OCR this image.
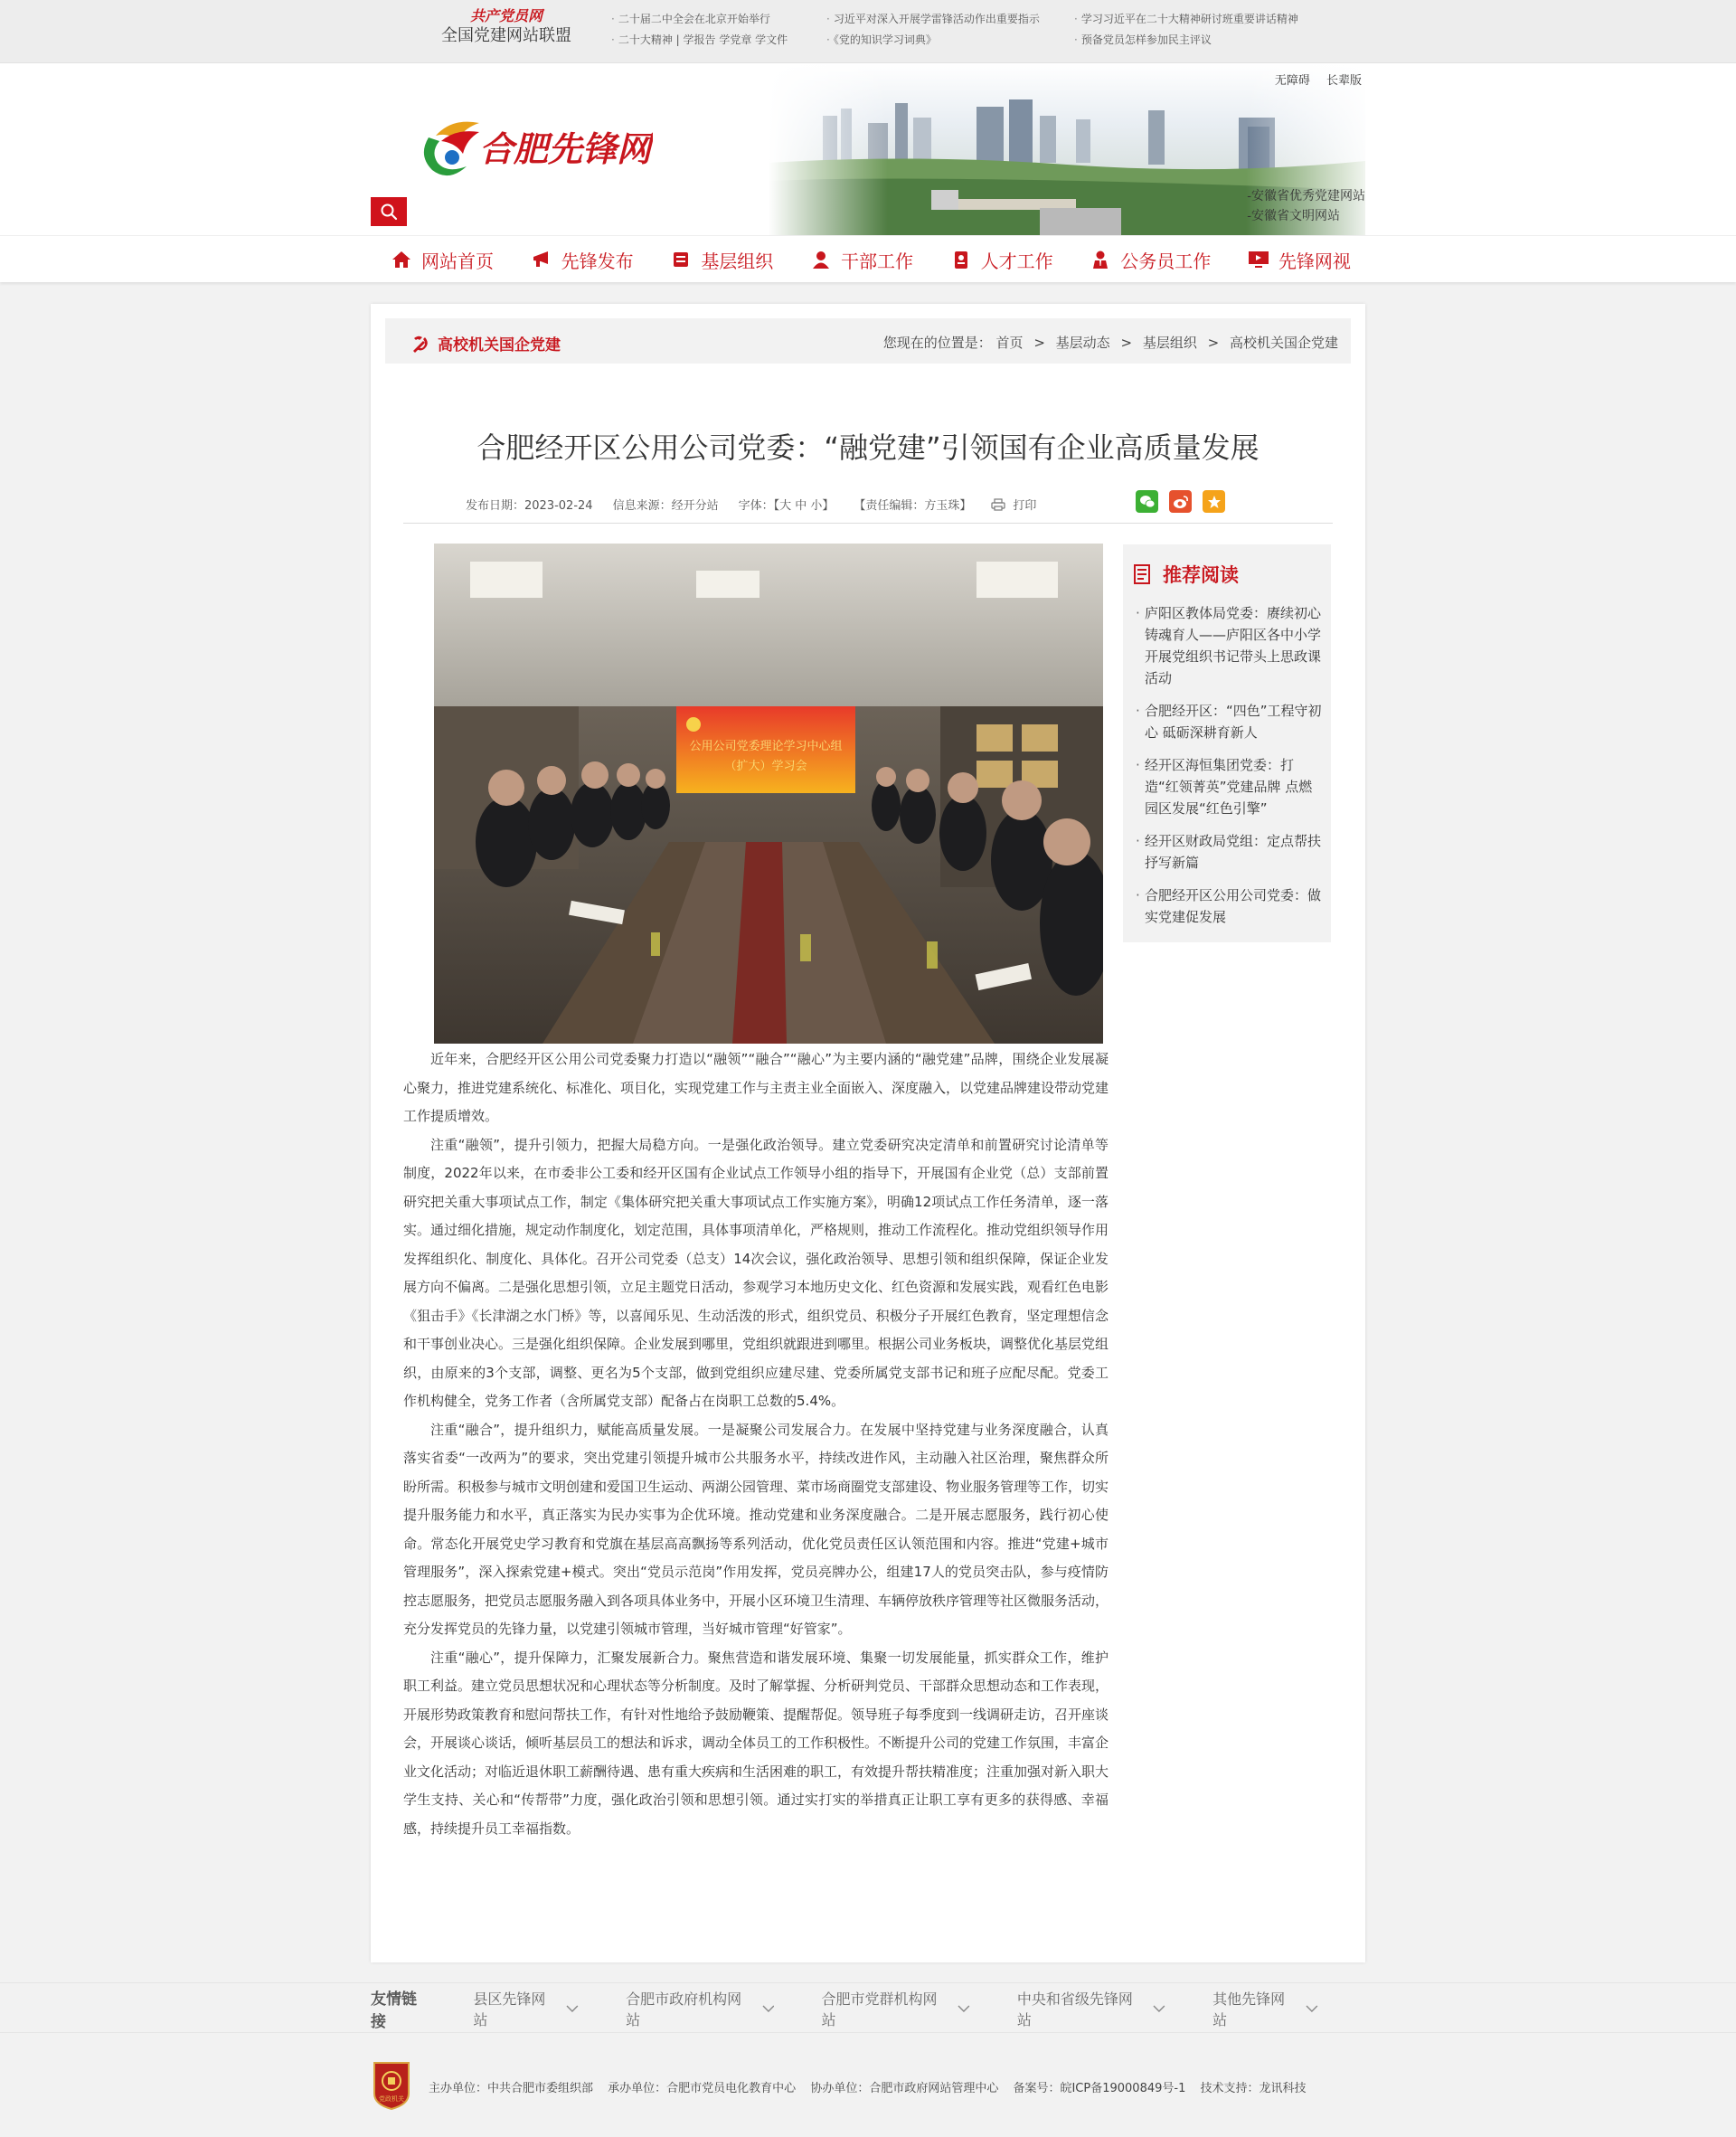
共产党员网
全国党建网站联盟
· 二十届二中全会在北京开始举行
· 二十大精神 | 学报告 学党章 学文件
· 习近平对深入开展学雷锋活动作出重要指示
· 《党的知识学习词典》
· 学习习近平在二十大精神研讨班重要讲话精神
· 预备党员怎样参加民主评议
合肥先锋网
无障碍 长辈版
-安徽省优秀党建网站
-安徽省文明网站
网站首页	先锋发布	基层组织	干部工作	人才工作	公务员工作	先锋网视
高校机关国企党建	您现在的位置是： 首页 > 基层动态 > 基层组织 > 高校机关国企党建
合肥经开区公用公司党委：“融党建”引领国有企业高质量发展
发布日期：2023-02-24 信息来源：经开分站 字体：【大 中 小】 【责任编辑：方玉珠】	打印
公用公司党委理论学习中心组
（扩大）学习会

近年来，合肥经开区公用公司党委聚力打造以“融领”“融合”“融心”为主要内涵的“融党建”品牌，围绕企业发展凝心聚力，推进党建系统化、标准化、项目化，实现党建工作与主责主业全面嵌入、深度融入，以党建品牌建设带动党建工作提质增效。

注重“融领”，提升引领力，把握大局稳方向。一是强化政治领导。建立党委研究决定清单和前置研究讨论清单等制度，2022年以来，在市委非公工委和经开区国有企业试点工作领导小组的指导下，开展国有企业党（总）支部前置研究把关重大事项试点工作，制定《集体研究把关重大事项试点工作实施方案》，明确12项试点工作任务清单，逐一落实。通过细化措施，规定动作制度化，划定范围，具体事项清单化，严格规则，推动工作流程化。推动党组织领导作用发挥组织化、制度化、具体化。召开公司党委（总支）14次会议，强化政治领导、思想引领和组织保障，保证企业发展方向不偏离。二是强化思想引领，立足主题党日活动，参观学习本地历史文化、红色资源和发展实践，观看红色电影《狙击手》《长津湖之水门桥》等，以喜闻乐见、生动活泼的形式，组织党员、积极分子开展红色教育，坚定理想信念和干事创业决心。三是强化组织保障。企业发展到哪里，党组织就跟进到哪里。根据公司业务板块，调整优化基层党组织，由原来的3个支部，调整、更名为5个支部，做到党组织应建尽建、党委所属党支部书记和班子应配尽配。党委工作机构健全，党务工作者（含所属党支部）配备占在岗职工总数的5.4%。

注重“融合”，提升组织力，赋能高质量发展。一是凝聚公司发展合力。在发展中坚持党建与业务深度融合，认真落实省委“一改两为”的要求，突出党建引领提升城市公共服务水平，持续改进作风，主动融入社区治理，聚焦群众所盼所需。积极参与城市文明创建和爱国卫生运动、两湖公园管理、菜市场商圈党支部建设、物业服务管理等工作，切实提升服务能力和水平，真正落实为民办实事为企优环境。推动党建和业务深度融合。二是开展志愿服务，践行初心使命。常态化开展党史学习教育和党旗在基层高高飘扬等系列活动，优化党员责任区认领范围和内容。推进“党建+城市管理服务”，深入探索党建+模式。突出“党员示范岗”作用发挥，党员亮牌办公，组建17人的党员突击队，参与疫情防控志愿服务，把党员志愿服务融入到各项具体业务中，开展小区环境卫生清理、车辆停放秩序管理等社区微服务活动，充分发挥党员的先锋力量，以党建引领城市管理，当好城市管理“好管家”。

注重“融心”，提升保障力，汇聚发展新合力。聚焦营造和谐发展环境、集聚一切发展能量，抓实群众工作，维护职工利益。建立党员思想状况和心理状态等分析制度。及时了解掌握、分析研判党员、干部群众思想动态和工作表现，开展形势政策教育和慰问帮扶工作，有针对性地给予鼓励鞭策、提醒帮促。领导班子每季度到一线调研走访，召开座谈会，开展谈心谈话，倾听基层员工的想法和诉求，调动全体员工的工作积极性。不断提升公司的党建工作氛围，丰富企业文化活动；对临近退休职工薪酬待遇、患有重大疾病和生活困难的职工，有效提升帮扶精准度；注重加强对新入职大学生支持、关心和“传帮带”力度，强化政治引领和思想引领。通过实打实的举措真正让职工享有更多的获得感、幸福感，持续提升员工幸福指数。

推荐阅读
· 庐阳区教体局党委：赓续初心 铸魂育人——庐阳区各中小学开展党组织书记带头上思政课活动
· 合肥经开区：“四色”工程守初心 砥砺深耕育新人
· 经开区海恒集团党委：打造“红领菁英”党建品牌 点燃园区发展“红色引擎”
· 经开区财政局党组：定点帮扶抒写新篇
· 合肥经开区公用公司党委：做实党建促发展
友情链接
县区先锋网站
合肥市政府机构网站
合肥市党群机构网站
中央和省级先锋网站
其他先锋网站
党政机关
主办单位：中共合肥市委组织部 承办单位：合肥市党员电化教育中心 协办单位：合肥市政府网站管理中心 备案号：皖ICP备19000849号-1 技术支持：龙讯科技
